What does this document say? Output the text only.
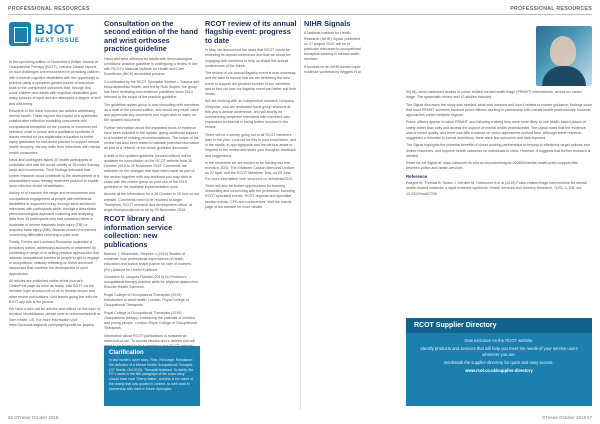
PROFESSIONAL RESOURCES	PROFESSIONAL RESOURCES
BJOT
NEXT ISSUE

In the upcoming edition of November's British Journal of Occupational Therapy (BJOT), Lesueur-Gibson reports on how challenges she encountered in providing children with a mutual cognitive disabilities with the opportunity to practice using a symptom-guided course of individual tools to the unexpected outcomes that, through this, some children and adults with cognitive disabilities gain many sources of input and are attempted a degree of skill and well-being.

Research in the issue includes two articles addressing mental health. These explore the impact of a systematic collaborative reflection modelling consumers and occupational therapists on the process of consumer-led selection while in prison and a qualitative synthesis of issues needed for pre-registration education to better equip graduates for real-world practice to support mental health recovery; the key skills from interviews with mental health consumers.

Neus and colleagues asked 40 health participants to undertake and rate the social validity of 35 motor therapy tasks and movements. Their findings indicated that further research could contribute to the development of a standardised motor therapy treatment protocol to enable more effective stroke rehabilitation.

Ashley et al examine the range and environments and occupational engagement of people with intellectual disabilities in supported living, through semi-structured interviews with participants while, through a descriptive phenomenological approach collecting and analysing data from 15 participants who had sustained either a moderate or severe traumatic brain injury (TBI) or acquired brain injury (ABI). Beaulieu traced the themes concerning difficulties returning to paid work.

Finally, Forbes and Lombard-Rousseau undertake a predatory notion, addressing accounts of retirement by combining a range of re-writing practice approaches that address occupational barriers to people's right to engage in occupations, critically reflecting on these dominant discourses that combine the development of such approaches.

All articles are published online at the journal's OnlineFirst page as soon as ready. Visit BJOT via the member login at www.rcot.co.uk to browse issues and other recent publications. Visit issues going live with the BJOT app this is the journal.

We have a new call for articles and editors on the topic of decision rehabilitation, please refer to reference/submit at Sem health. US: For more information visit: https://journals.sagepub.com/page/bjo/call-for-papers

Consultation on the second edition of the hand and wrist orthoses practice guideline

Hand and wrist orthoses for adults with rheumatological conditions: practice guideline is undergoing a review in line with RCOT's National Institute for Health and Care Excellence (NICE) accredited process.

Co-ordinated by the RCOT Specialist Section – Trauma and Musculoskeletal Health, and led by Ruth Boyles, the group has been reviewing new evidence published since 2014 relevant to the scope of the practice guideline.

The guideline review group is now consulting with members on a draft of the second edition, and would very much value and appreciate any comments you might wish to make on the updated document.

Further information about the expanded focus of evidence have been included in the update, giving additional support to a number of existing recommendations. The scope of the review has also been tested to validate potential information as part of a 'refresh' of the whole guideline document.

A draft of the updated guideline (second edition) will be available for consultation on the RCOT website from 30 October 2019 to 29 November 2019. Comments are welcome on the changes that have been made as part of the review, together with any feedback you may wish to share with the review group on your use of the 2015 guideline or the available implementation tools.

Access all the information for a 26 October to 29 Nov on our website. Comments need to be returned to Angie Thompson, RCOT research and development officer, at angie.thompson@rcot.co.uk by 29 November 2019.

RCOT library and information service collection: new publications

Beebee J, Mhaoistich, Stephen J (2019) Studies of evidence: how professional expectations of health, education and justice shape justice for care of learners. (Ed.) Alliance for Useful Evidence.

Goodacre M, Jacques-Randall (2019) Do Pearson's occupational therapy practice skills for physical dysfunction. Elsevier Health Sciences.

Royal College of Occupational Therapists (2019) Introduction to adult health. London: Royal College of Occupational Therapists.

Royal College of Occupational Therapists (2019) Occupational therapy: embracing the potential of children and young people. London: Royal College of Occupational Therapists.

Information about RCOT publications is available at: www.rcot.co.uk/. To access ebooks and e-articles you will

Clarification

In last month's cover story, 'Rise, Recharge, Rebalance', the definition of a Mental Health Occupational Therapist (OT Needs, Oct 2019). Therapist featured. To clarify, the OT's name in the fifth paragraph of the cover story should have read 'Sherry Baker', and this is the name of the charity that was quoted in context, so we'll work in partnership with them in future. Apologies.

RCOT review of its annual flagship event: progress to date

In May, we announced the news that RCOT would be reviewing its annual conference and that we would be engaging with members to help us shape the annual conferences of the future.

The review of our annual flagship event is now underway and we want to ensure that we are delivering the best event to support the greatest number of our members and to find out how our flagship event can better suit their needs.

We are working with an independent research company, Vitalplusc, who are dedicated focus group sessions at this year's annual conference, and will shortly be commencing telephone interviews with members who expressed an interest in being further involved in the review.

There will be a survey going out to all RCOT members later in the year. Look out for this in your email inbox, and in the media, in-app signposts and the various areas to respond to the review and share your thoughts, feedback and suggestions.

In the meantime we are excited to be hosting two free events in 2020: The Elizabeth Casson Memorial Lecture, on 27 April; and the RCOT Members' Day, on 29 June. For more information visit: www.rcot.co.uk/events/2020.

There will also be further opportunities for learning, networking and connecting with the profession, including RCOT specialist events, RCOT regional and specialist section events, CPD and conferences. Visit the events page of the website for more details.

NIHR Signals

A National Institute for Health Research (NIHR) Signal, published on 27 August 2019, will be of particular relevance to occupational therapists working in mental health services.

It focuses on an NIHR-funded rapid evidence synthesis by Wiggins et al

50(18), which assessed studies of police-related mental health triage (PRMHT) interventions, across six varied triage. The systematic review and 13 studies included.

The Signal discusses the study was needed, what was involved and how it relates to current guidance; findings show that most PRMHT schemes involved police officers working in partnership with mental health professionals; however approaches varied between regions.

Police officers appear to value PRMHT, and following training they were more likely to use health-based places of safety rather than cells and access the support of mental health professionals. The signal notes that the evidence was of mixed quality, and there was little evidence on which approaches worked best. Although some research suggested a reduction in formal detentions, there were few outcomes and data reported.

The Signal highlights the potential benefits of closer working partnerships in helping to effectively target policies and limited resources, and improve health outcomes for individuals in crisis. However, it suggests that further research is needed.

Read the full Signal at: https://discover.dc.nihr.ac.uk/content/signal-000800/mental-health-crisis-support-little-between-police-and-health-services

Reference

Paegler M, Thomas B, Sutton J, Hensler M, Harbourne A et al (2019) Police-related triage interventions for mental health-related incidents: a rapid evidence synthesis. Health Services and Delivery Research, 7(20). 1–108. doi: 10.3310/hsdr07200

RCOT Supplier Directory

Now exclusive on the RCOT website.

Identify products and services that will help you meet the needs of your service users wherever you are.

Bookmark the supplier directory for quick and easy access.

www.rcot.co.uk/supplier-directory

56 OTnews October 2019	OTnews October 2019 57
